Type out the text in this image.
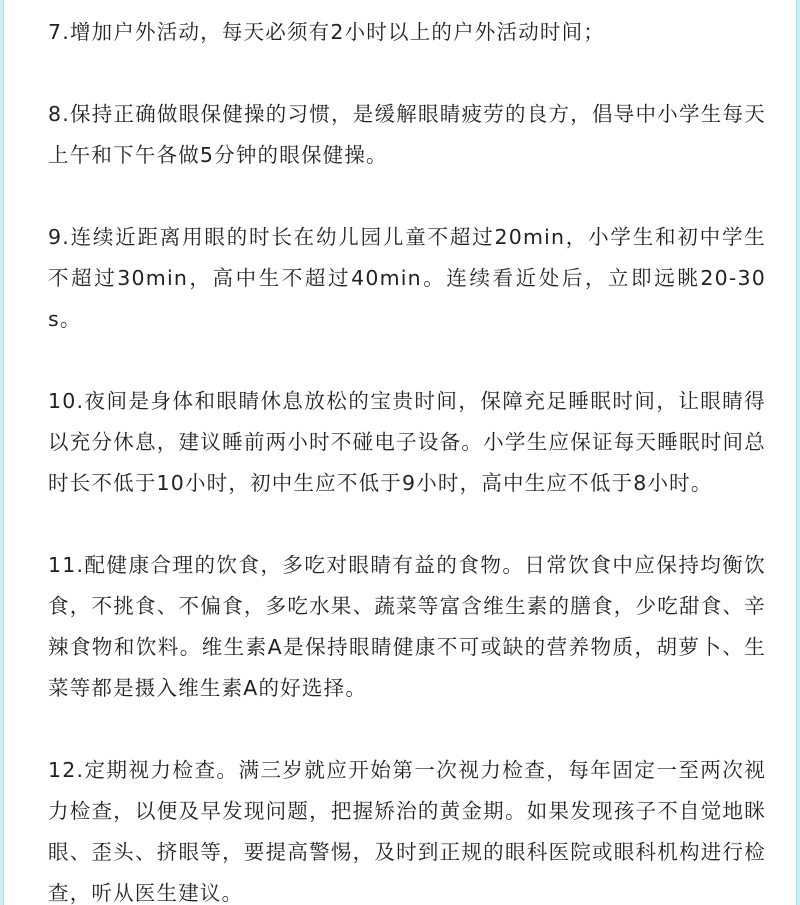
7.增加户外活动，每天必须有2小时以上的户外活动时间；

8.保持正确做眼保健操的习惯，是缓解眼睛疲劳的良方，倡导中小学生每天上午和下午各做5分钟的眼保健操。

9.连续近距离用眼的时长在幼儿园儿童不超过20min，小学生和初中学生不超过30min，高中生不超过40min。连续看近处后，立即远眺20-30s。

10.夜间是身体和眼睛休息放松的宝贵时间，保障充足睡眠时间，让眼睛得以充分休息，建议睡前两小时不碰电子设备。小学生应保证每天睡眠时间总时长不低于10小时，初中生应不低于9小时，高中生应不低于8小时。

11.配健康合理的饮食，多吃对眼睛有益的食物。日常饮食中应保持均衡饮食，不挑食、不偏食，多吃水果、蔬菜等富含维生素的膳食，少吃甜食、辛辣食物和饮料。维生素A是保持眼睛健康不可或缺的营养物质，胡萝卜、生菜等都是摄入维生素A的好选择。

12.定期视力检查。满三岁就应开始第一次视力检查，每年固定一至两次视力检查，以便及早发现问题，把握矫治的黄金期。如果发现孩子不自觉地眯眼、歪头、挤眼等，要提高警惕，及时到正规的眼科医院或眼科机构进行检查，听从医生建议。
